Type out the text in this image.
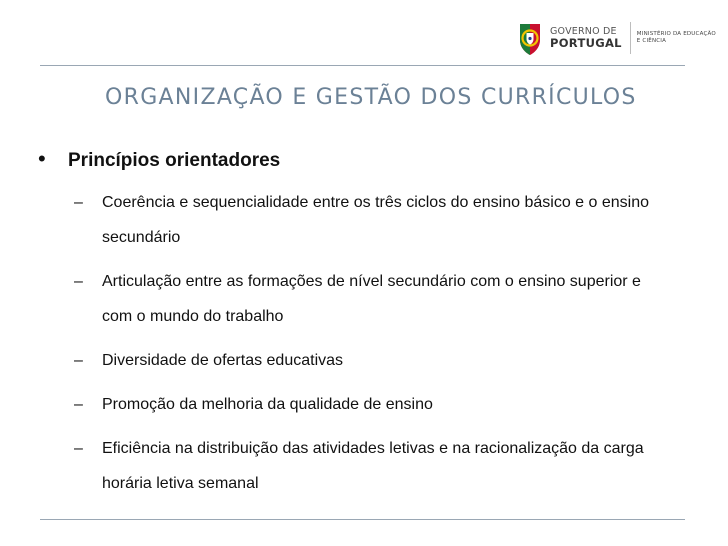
GOVERNO DE
PORTUGAL
MINISTÉRIO DA EDUCAÇÃO
E CIÊNCIA
ORGANIZAÇÃO E GESTÃO DOS CURRÍCULOS
•	Princípios orientadores
–	Coerência e sequencialidade entre os três ciclos do ensino básico e o ensino secundário
–	Articulação entre as formações de nível secundário com o ensino superior e com o mundo do trabalho
–	Diversidade de ofertas educativas
–	Promoção da melhoria da qualidade de ensino
–	Eficiência na distribuição das atividades letivas e na racionalização da carga horária letiva semanal
